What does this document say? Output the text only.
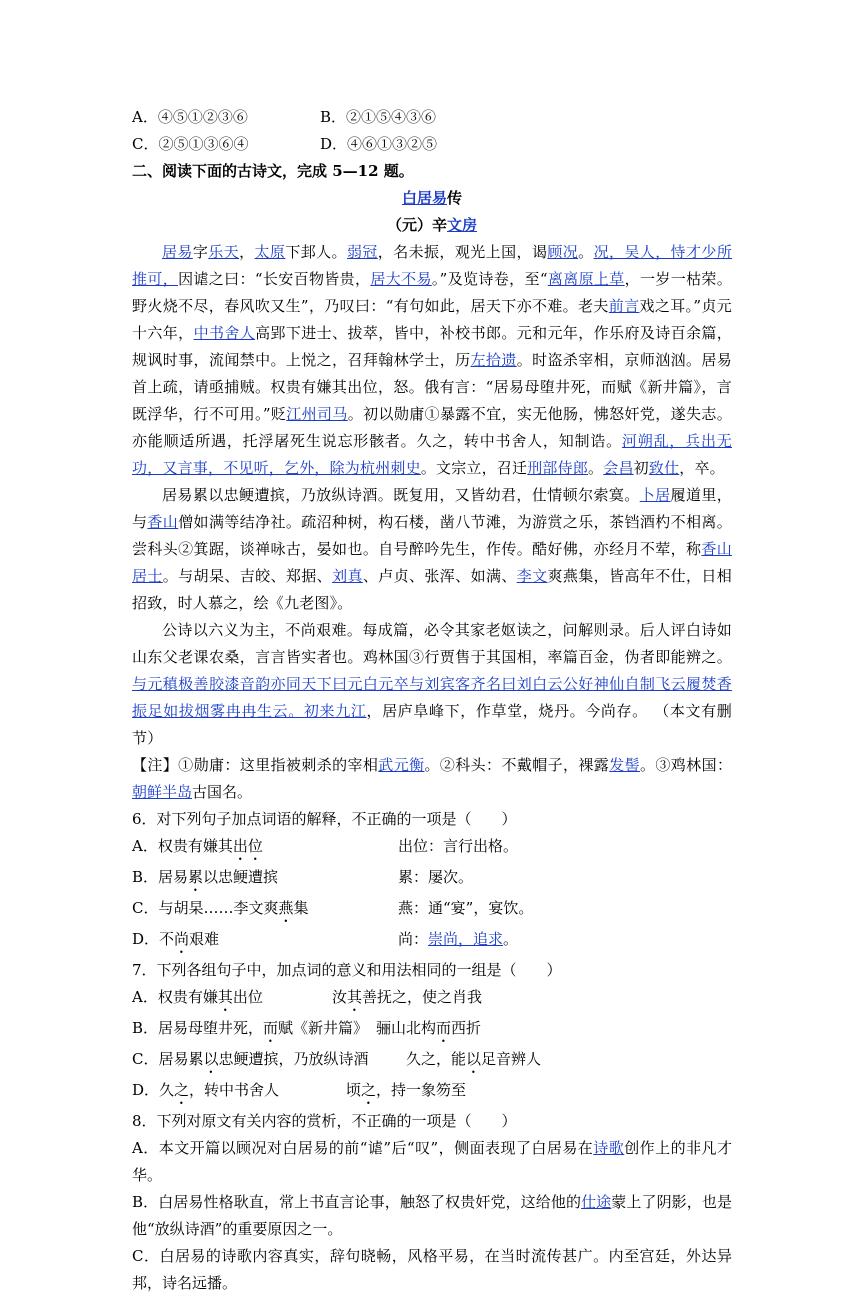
A．④⑤①②③⑥	B．②①⑤④③⑥
C．②⑤①③⑥④	D．④⑥①③②⑤
二、阅读下面的古诗文，完成 5—12 题。
白居易传
（元）辛文房
居易字乐天，太原下邽人。弱冠，名未振，观光上国，谒顾况。况，吴人，恃才少所推可，因谑之曰：“长安百物皆贵，居大不易。”及览诗卷，至“离离原上草，一岁一枯荣。野火烧不尽，春风吹又生”，乃叹曰：“有句如此，居天下亦不难。老夫前言戏之耳。”贞元十六年，中书舍人高郢下进士、拔萃，皆中，补校书郎。元和元年，作乐府及诗百余篇，规讽时事，流闻禁中。上悦之，召拜翰林学士，历左拾遗。时盗杀宰相，京师汹汹。居易首上疏，请亟捕贼。权贵有嫌其出位，怒。俄有言：“居易母堕井死，而赋《新井篇》，言既浮华，行不可用。”贬江州司马。初以勋庸①暴露不宜，实无他肠，怫怒奸党，遂失志。亦能顺适所遇，托浮屠死生说忘形骸者。久之，转中书舍人，知制诰。河朔乱，兵出无功，又言事，不见听，乞外，除为杭州刺史。文宗立，召迁刑部侍郎。会昌初致仕，卒。
居易累以忠鲠遭摈，乃放纵诗酒。既复用，又皆幼君，仕情顿尔索寞。卜居履道里，与香山僧如满等结净社。疏沼种树，构石楼，凿八节滩，为游赏之乐，茶铛酒杓不相离。尝科头②箕踞，谈禅咏古，晏如也。自号醉吟先生，作传。酷好佛，亦经月不荤，称香山居士。与胡杲、吉皎、郑据、刘真、卢贞、张浑、如满、李文爽燕集，皆高年不仕，日相招致，时人慕之，绘《九老图》。
公诗以六义为主，不尚艰难。每成篇，必令其家老妪读之，问解则录。后人评白诗如山东父老课农桑，言言皆实者也。鸡林国③行贾售于其国相，率篇百金，伪者即能辨之。与元稹极善胶漆音韵亦同天下曰元白元卒与刘宾客齐名曰刘白云公好神仙自制飞云履焚香振足如拔烟雾冉冉生云。初来九江，居庐阜峰下，作草堂，烧丹。今尚存。 （本文有删节）
【注】①勋庸：这里指被刺杀的宰相武元衡。②科头：不戴帽子，裸露发髻。③鸡林国：朝鲜半岛古国名。
6．对下列句子加点词语的解释，不正确的一项是（　　）
A．权贵有嫌其出位	出位：言行出格。
B．居易累以忠鲠遭摈	累：屡次。
C．与胡杲……李文爽燕集	燕：通“宴”，宴饮。
D．不尚艰难	尚：崇尚，追求。
7．下列各组句子中，加点词的意义和用法相同的一组是（　　）
A．权贵有嫌其出位	汝其善抚之，使之肖我
B．居易母堕井死，而赋《新井篇》 骊山北构而西折
C．居易累以忠鲠遭摈，乃放纵诗酒 久之，能以足音辨人
D．久之，转中书舍人	顷之，持一象笏至
8．下列对原文有关内容的赏析，不正确的一项是（　　）
A．本文开篇以顾况对白居易的前“谑”后“叹”，侧面表现了白居易在诗歌创作上的非凡才华。
B．白居易性格耿直，常上书直言论事，触怒了权贵奸党，这给他的仕途蒙上了阴影，也是他“放纵诗酒”的重要原因之一。
C．白居易的诗歌内容真实，辞句晓畅，风格平易，在当时流传甚广。内至宫廷，外达异邦，诗名远播。
